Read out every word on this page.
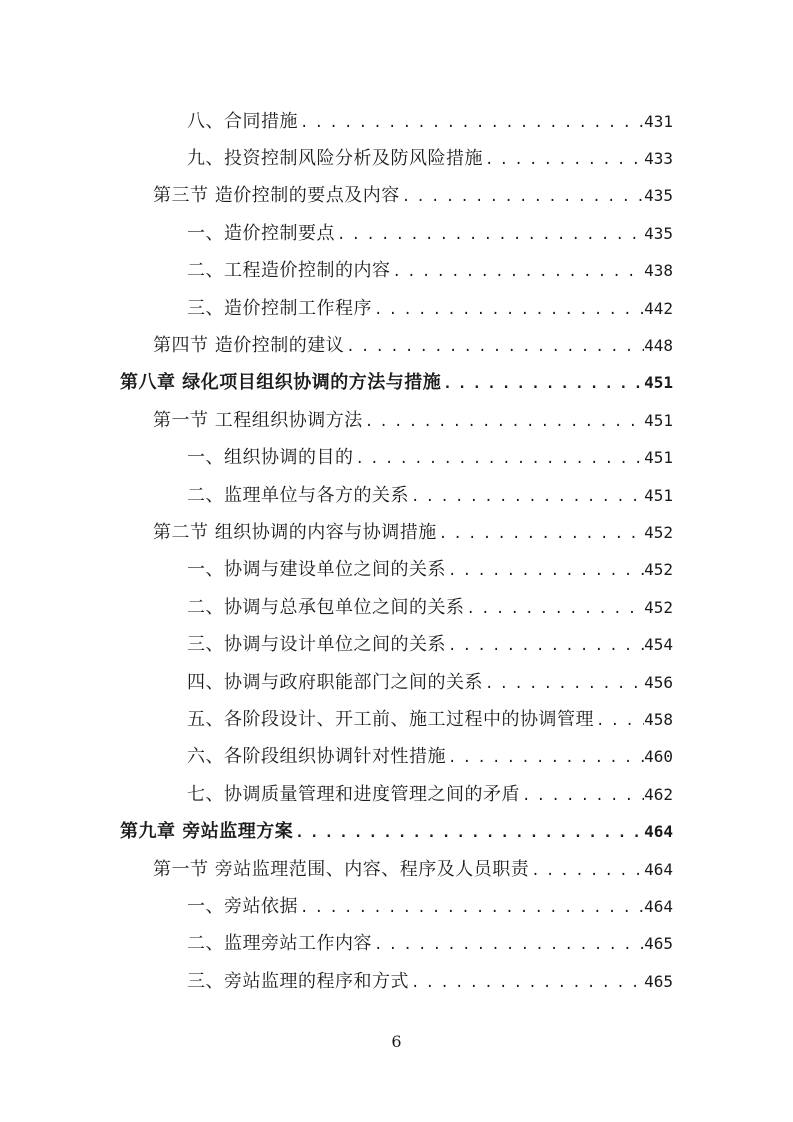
八、合同措施 . . .	431
九、投资控制风险分析及防风险措施 . . .	433
第三节 造价控制的要点及内容 . . .	435
一、造价控制要点 . . .	435
二、工程造价控制的内容 . . .	438
三、造价控制工作程序 . . .	442
第四节 造价控制的建议 . . .	448
第八章 绿化项目组织协调的方法与措施 . . .	451
第一节 工程组织协调方法 . . .	451
一、组织协调的目的 . . .	451
二、监理单位与各方的关系 . . .	451
第二节 组织协调的内容与协调措施 . . .	452
一、协调与建设单位之间的关系 . . .	452
二、协调与总承包单位之间的关系 . . .	452
三、协调与设计单位之间的关系 . . .	454
四、协调与政府职能部门之间的关系 . . .	456
五、各阶段设计、开工前、施工过程中的协调管理 . . .	458
六、各阶段组织协调针对性措施 . . .	460
七、协调质量管理和进度管理之间的矛盾 . . .	462
第九章 旁站监理方案 . . .	464
第一节 旁站监理范围、内容、程序及人员职责 . . .	464
一、旁站依据 . . .	464
二、监理旁站工作内容 . . .	465
三、旁站监理的程序和方式 . . .	465
6
